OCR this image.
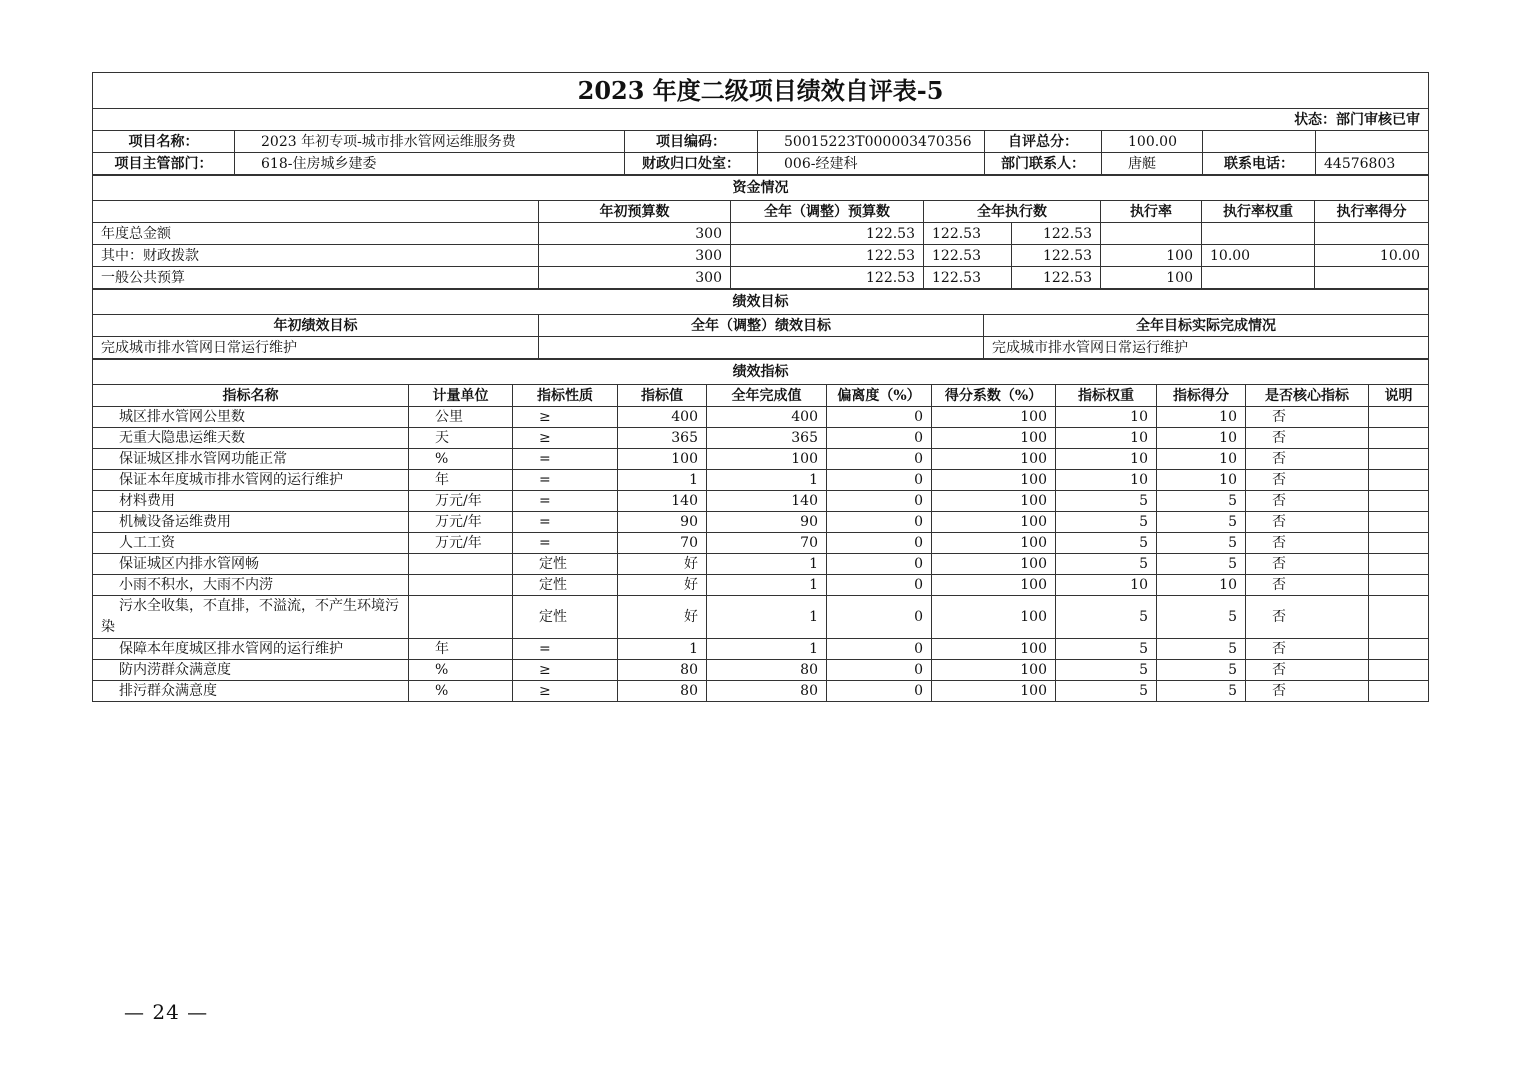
2023 年度二级项目绩效自评表-5							
状态：部门审核已审							
项目名称：	2023 年初专项-城市排水管网运维服务费	项目编码：	50015223T000003470356	自评总分：	100.00		
项目主管部门：	618-住房城乡建委	财政归口处室：	006-经建科	部门联系人：	唐艇	联系电话：	44576803
资金情况							
	年初预算数	全年（调整）预算数	全年执行数		执行率	执行率权重	执行率得分
年度总金额	300	122.53	122.53	122.53			
其中：财政拨款	300	122.53	122.53	122.53	100	10.00	10.00
一般公共预算	300	122.53	122.53	122.53	100		
绩效目标		
年初绩效目标	全年（调整）绩效目标	全年目标实际完成情况
完成城市排水管网日常运行维护		完成城市排水管网日常运行维护
绩效指标										
指标名称	计量单位	指标性质	指标值	全年完成值	偏离度（%）	得分系数（%）	指标权重	指标得分	是否核心指标	说明
城区排水管网公里数	公里	≥	400	400	0	100	10	10	否	
无重大隐患运维天数	天	≥	365	365	0	100	10	10	否	
保证城区排水管网功能正常	%	=	100	100	0	100	10	10	否	
保证本年度城市排水管网的运行维护	年	=	1	1	0	100	10	10	否	
材料费用	万元/年	=	140	140	0	100	5	5	否	
机械设备运维费用	万元/年	=	90	90	0	100	5	5	否	
人工工资	万元/年	=	70	70	0	100	5	5	否	
保证城区内排水管网畅		定性	好	1	0	100	5	5	否	
小雨不积水，大雨不内涝		定性	好	1	0	100	10	10	否	
污水全收集，不直排，不溢流，不产生环境污染		定性	好	1	0	100	5	5	否	
保障本年度城区排水管网的运行维护	年	=	1	1	0	100	5	5	否	
防内涝群众满意度	%	≥	80	80	0	100	5	5	否	
排污群众满意度	%	≥	80	80	0	100	5	5	否	
— 24 —
